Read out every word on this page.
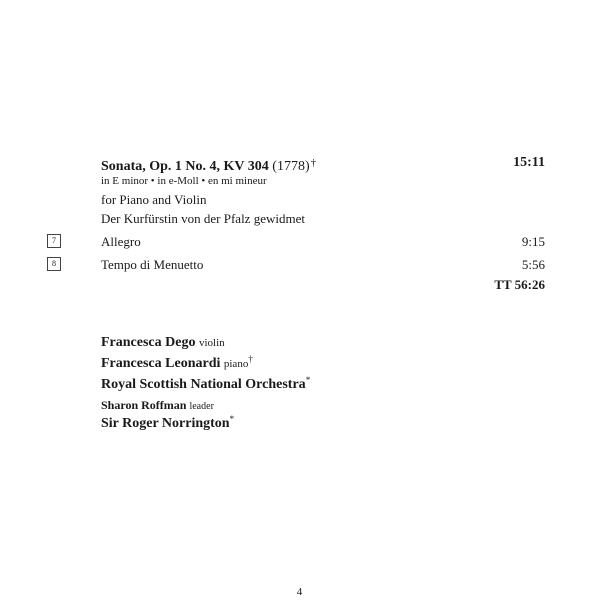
Sonata, Op. 1 No. 4, KV 304 (1778)†	15:11
in E minor • in e-Moll • en mi mineur
for Piano and Violin
Der Kurfürstin von der Pfalz gewidmet
7	Allegro	9:15
8	Tempo di Menuetto	5:56
TT 56:26
Francesca Dego violin
Francesca Leonardi piano†
Royal Scottish National Orchestra*
Sharon Roffman leader
Sir Roger Norrington*
4
